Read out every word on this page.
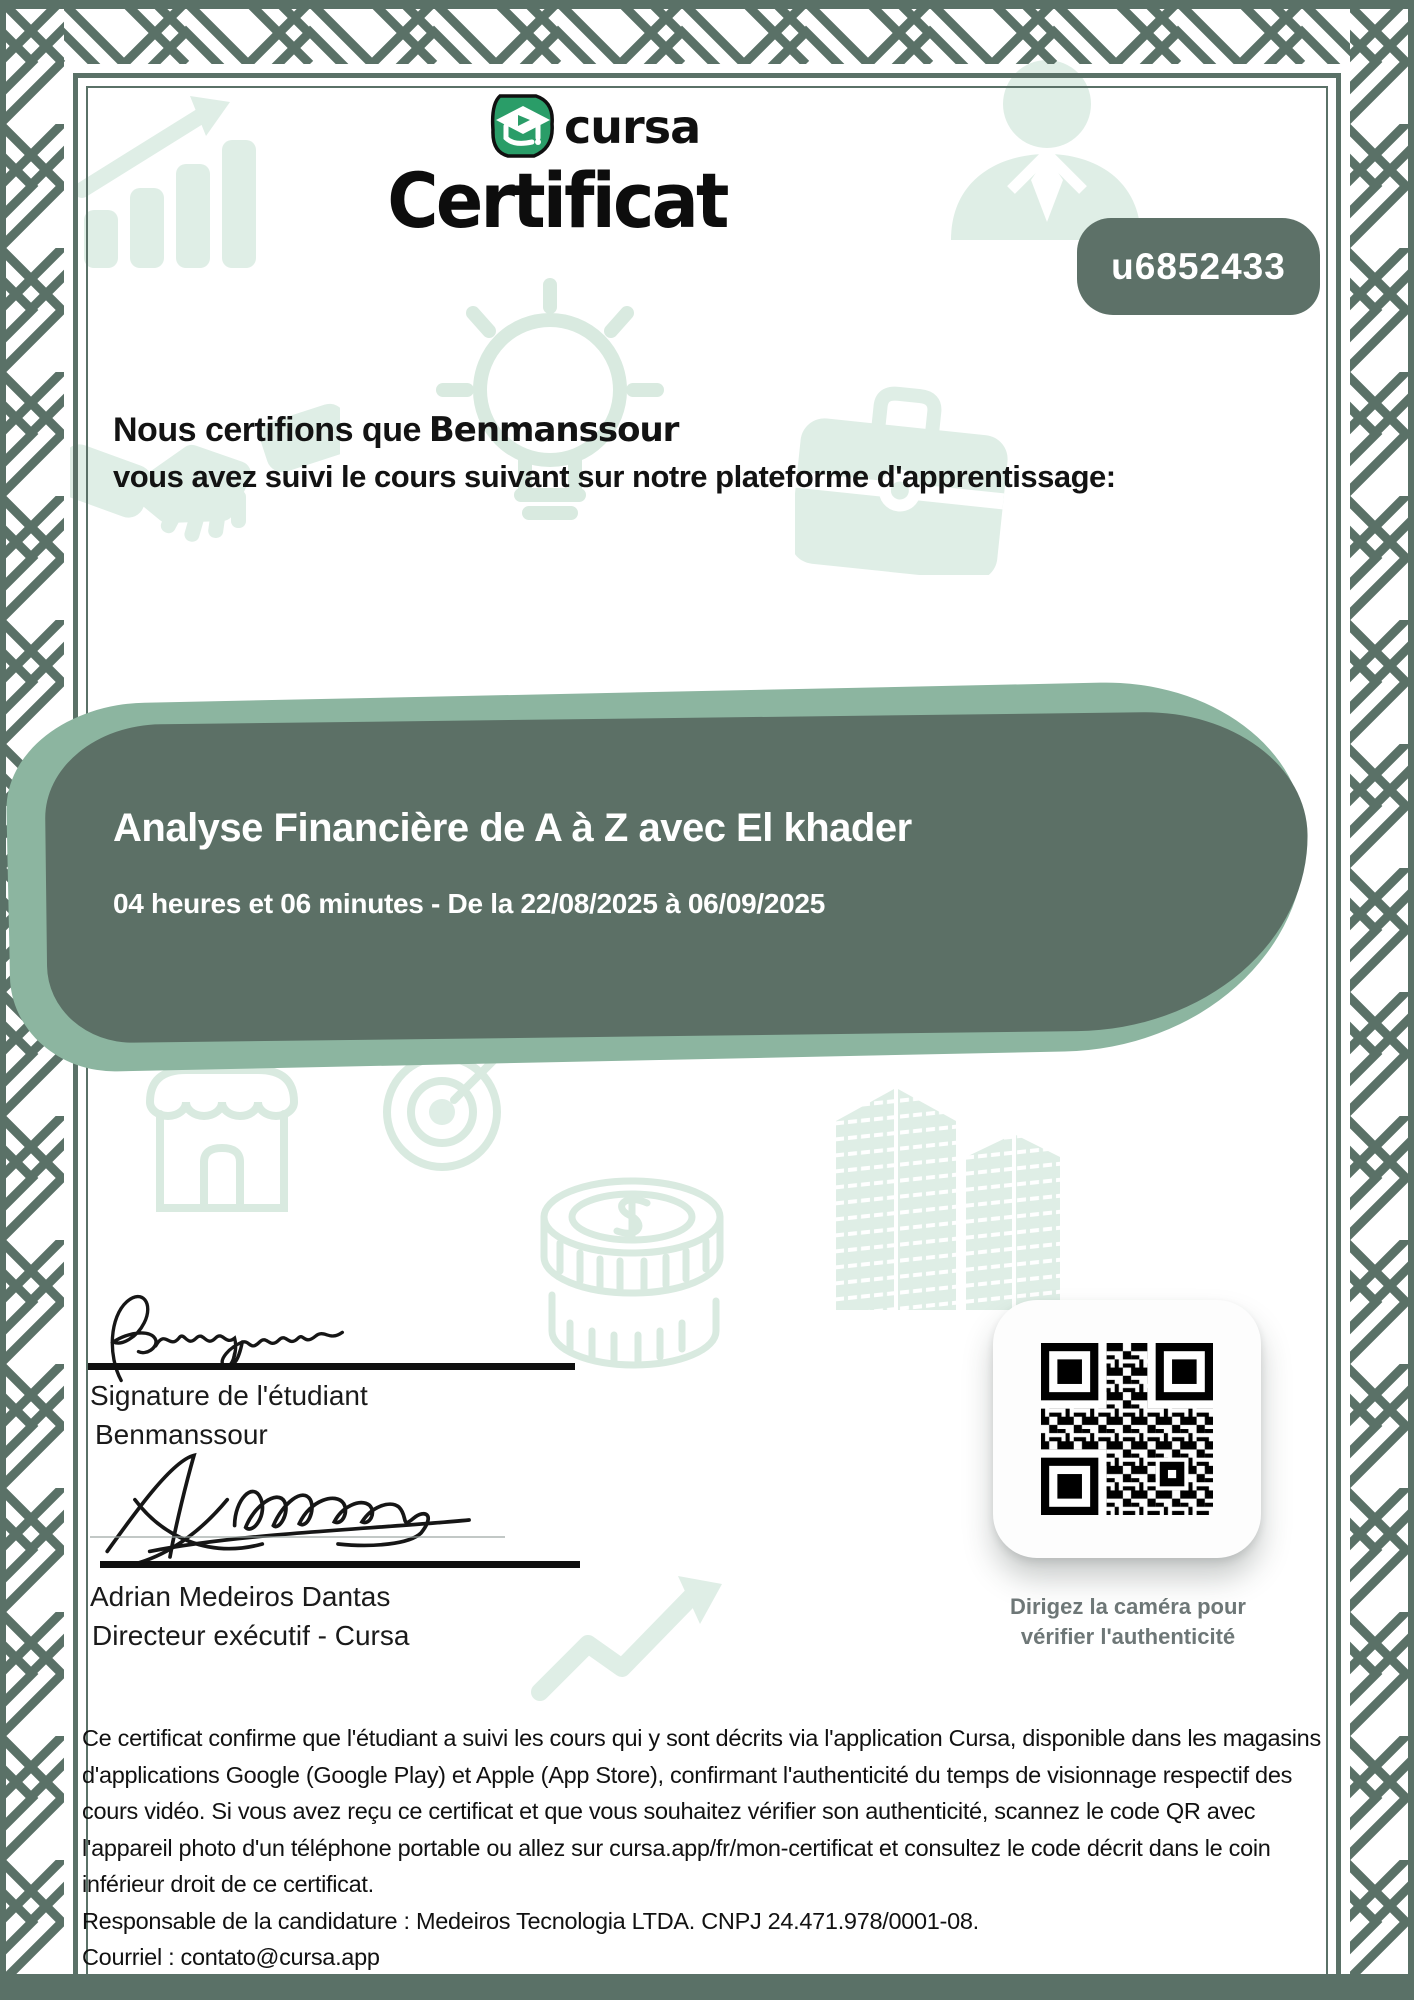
cursa
Certificat
u6852433
Nous certifions que Benmanssour
vous avez suivi le cours suivant sur notre plateforme d'apprentissage:
Analyse Financière de A à Z avec El khader
04 heures et 06 minutes - De la 22/08/2025 à 06/09/2025
Signature de l'étudiant
Benmanssour
Adrian Medeiros Dantas
Directeur exécutif - Cursa
Dirigez la caméra pour
vérifier l'authenticité
Ce certificat confirme que l'étudiant a suivi les cours qui y sont décrits via l'application Cursa, disponible dans les magasins d'applications Google (Google Play) et Apple (App Store), confirmant l'authenticité du temps de visionnage respectif des cours vidéo. Si vous avez reçu ce certificat et que vous souhaitez vérifier son authenticité, scannez le code QR avec l'appareil photo d'un téléphone portable ou allez sur cursa.app/fr/mon-certificat et consultez le code décrit dans le coin inférieur droit de ce certificat.
Responsable de la candidature : Medeiros Tecnologia LTDA. CNPJ 24.471.978/0001-08.
Courriel : contato@cursa.app
